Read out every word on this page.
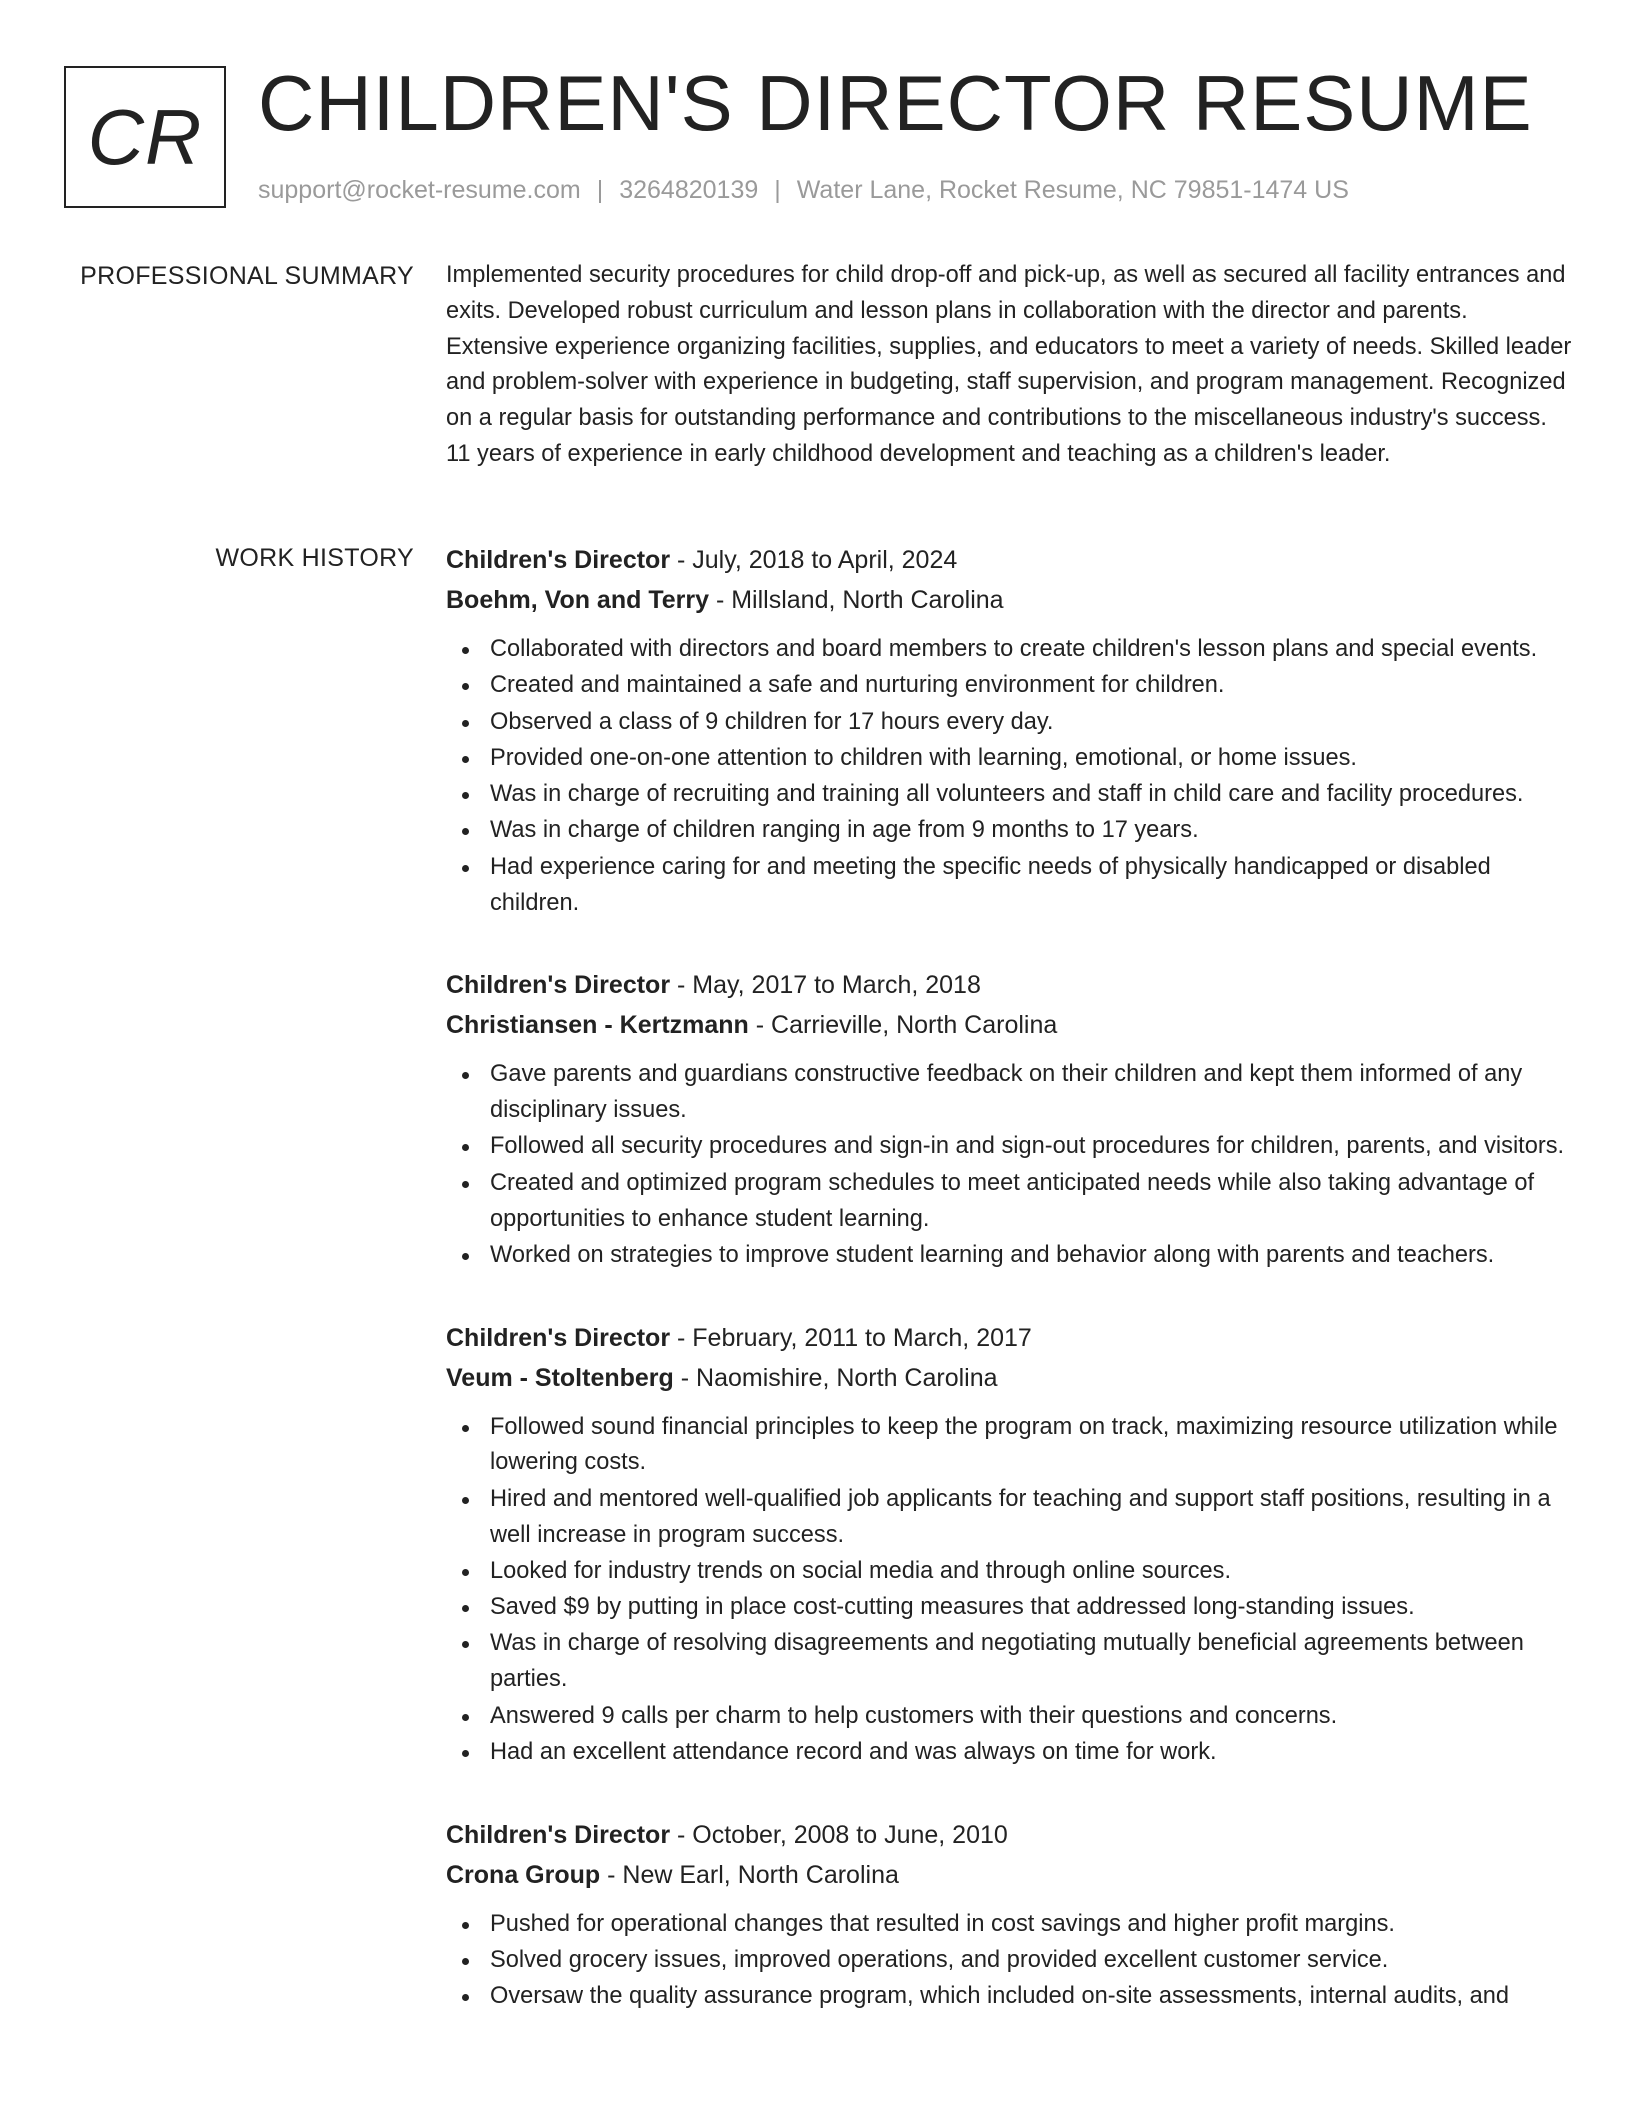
CR CHILDREN'S DIRECTOR RESUME
support@rocket-resume.com | 3264820139 | Water Lane, Rocket Resume, NC 79851-1474 US
PROFESSIONAL SUMMARY Implemented security procedures for child drop-off and pick-up, as well as secured all facility entrances and exits. Developed robust curriculum and lesson plans in collaboration with the director and parents. Extensive experience organizing facilities, supplies, and educators to meet a variety of needs. Skilled leader and problem-solver with experience in budgeting, staff supervision, and program management. Recognized on a regular basis for outstanding performance and contributions to the miscellaneous industry's success. 11 years of experience in early childhood development and teaching as a children's leader.

WORK HISTORY Children's Director - July, 2018 to April, 2024
Boehm, Von and Terry - Millsland, North Carolina
Collaborated with directors and board members to create children's lesson plans and special events.
Created and maintained a safe and nurturing environment for children.
Observed a class of 9 children for 17 hours every day.
Provided one-on-one attention to children with learning, emotional, or home issues.
Was in charge of recruiting and training all volunteers and staff in child care and facility procedures.
Was in charge of children ranging in age from 9 months to 17 years.
Had experience caring for and meeting the specific needs of physically handicapped or disabled children.
Children's Director - May, 2017 to March, 2018
Christiansen - Kertzmann - Carrieville, North Carolina
Gave parents and guardians constructive feedback on their children and kept them informed of any disciplinary issues.
Followed all security procedures and sign-in and sign-out procedures for children, parents, and visitors.
Created and optimized program schedules to meet anticipated needs while also taking advantage of opportunities to enhance student learning.
Worked on strategies to improve student learning and behavior along with parents and teachers.
Children's Director - February, 2011 to March, 2017
Veum - Stoltenberg - Naomishire, North Carolina
Followed sound financial principles to keep the program on track, maximizing resource utilization while lowering costs.
Hired and mentored well-qualified job applicants for teaching and support staff positions, resulting in a well increase in program success.
Looked for industry trends on social media and through online sources.
Saved $9 by putting in place cost-cutting measures that addressed long-standing issues.
Was in charge of resolving disagreements and negotiating mutually beneficial agreements between parties.
Answered 9 calls per charm to help customers with their questions and concerns.
Had an excellent attendance record and was always on time for work.
Children's Director - October, 2008 to June, 2010
Crona Group - New Earl, North Carolina
Pushed for operational changes that resulted in cost savings and higher profit margins.
Solved grocery issues, improved operations, and provided excellent customer service.
Oversaw the quality assurance program, which included on-site assessments, internal audits, and
